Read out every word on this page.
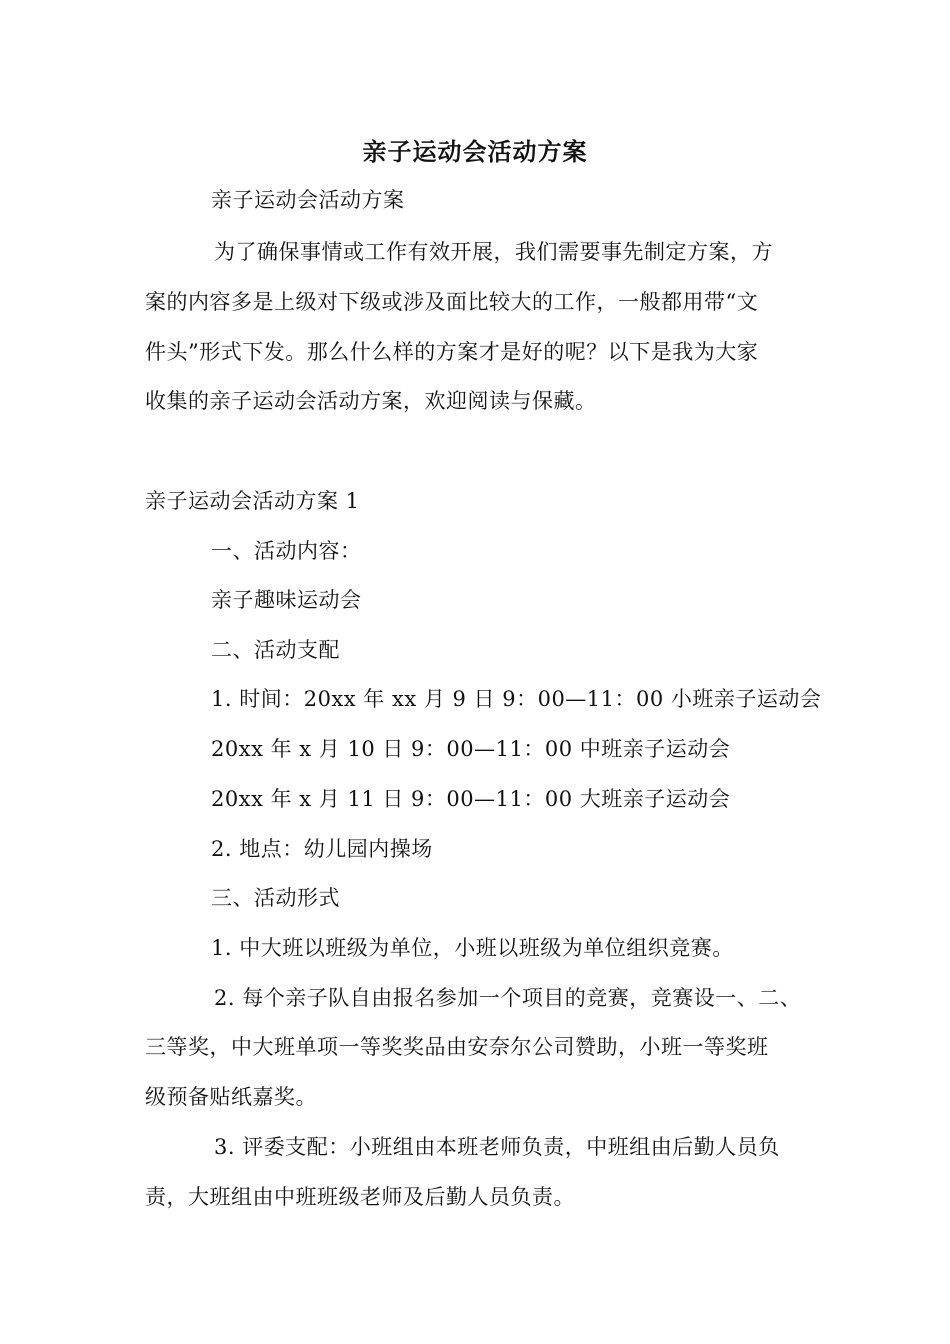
亲子运动会活动方案
亲子运动会活动方案
为了确保事情或工作有效开展，我们需要事先制定方案，方
案的内容多是上级对下级或涉及面比较大的工作，一般都用带“文
件头”形式下发。那么什么样的方案才是好的呢？以下是我为大家
收集的亲子运动会活动方案，欢迎阅读与保藏。
亲子运动会活动方案 1
一、活动内容：
亲子趣味运动会
二、活动支配
1. 时间：20xx 年 xx 月 9 日 9：00—11：00 小班亲子运动会
20xx 年 x 月 10 日 9：00—11：00 中班亲子运动会
20xx 年 x 月 11 日 9：00—11：00 大班亲子运动会
2. 地点：幼儿园内操场
三、活动形式
1. 中大班以班级为单位，小班以班级为单位组织竞赛。
2. 每个亲子队自由报名参加一个项目的竞赛，竞赛设一、二、
三等奖，中大班单项一等奖奖品由安奈尔公司赞助，小班一等奖班
级预备贴纸嘉奖。
3. 评委支配：小班组由本班老师负责，中班组由后勤人员负
责，大班组由中班班级老师及后勤人员负责。
